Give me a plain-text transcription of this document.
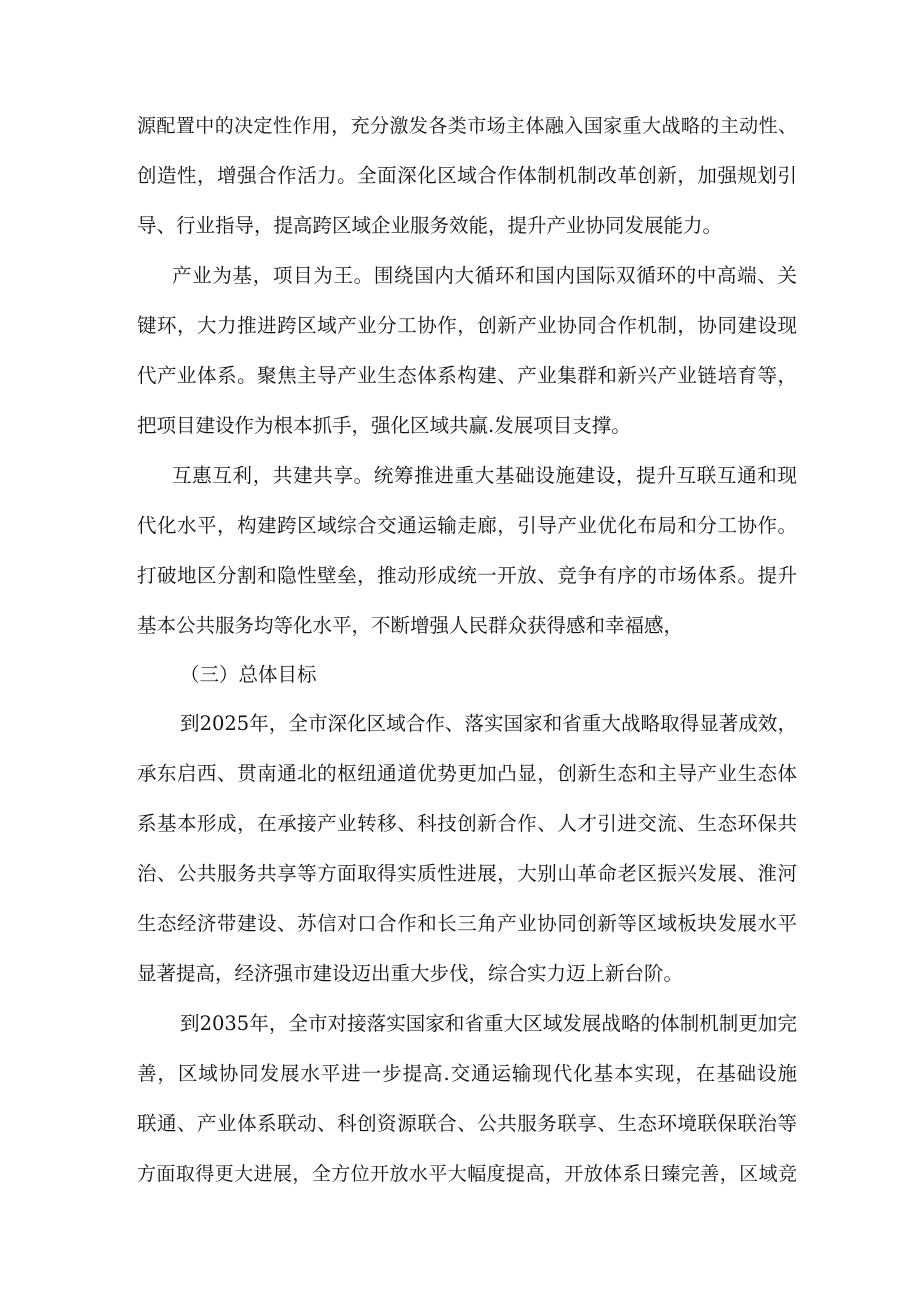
源配置中的决定性作用，充分激发各类市场主体融入国家重大战略的主动性、

创造性，增强合作活力。全面深化区域合作体制机制改革创新，加强规划引

导、行业指导，提高跨区域企业服务效能，提升产业协同发展能力。

产业为基，项目为王。围绕国内大循环和国内国际双循环的中高端、关

键环，大力推进跨区域产业分工协作，创新产业协同合作机制，协同建设现

代产业体系。聚焦主导产业生态体系构建、产业集群和新兴产业链培育等，

把项目建设作为根本抓手，强化区域共赢.发展项目支撑。

互惠互利，共建共享。统筹推进重大基础设施建设，提升互联互通和现

代化水平，构建跨区域综合交通运输走廊，引导产业优化布局和分工协作。

打破地区分割和隐性壁垒，推动形成统一开放、竞争有序的市场体系。提升

基本公共服务均等化水平，不断增强人民群众获得感和幸福感，

（三）总体目标

到2025年，全市深化区域合作、落实国家和省重大战略取得显著成效，

承东启西、贯南通北的枢纽通道优势更加凸显，创新生态和主导产业生态体

系基本形成，在承接产业转移、科技创新合作、人才引进交流、生态环保共

治、公共服务共享等方面取得实质性进展，大别山革命老区振兴发展、淮河

生态经济带建设、苏信对口合作和长三角产业协同创新等区域板块发展水平

显著提高，经济强市建设迈出重大步伐，综合实力迈上新台阶。

到2035年，全市对接落实国家和省重大区域发展战略的体制机制更加完

善，区域协同发展水平进一步提高.交通运输现代化基本实现，在基础设施

联通、产业体系联动、科创资源联合、公共服务联享、生态环境联保联治等

方面取得更大进展，全方位开放水平大幅度提高，开放体系日臻完善，区域竞
